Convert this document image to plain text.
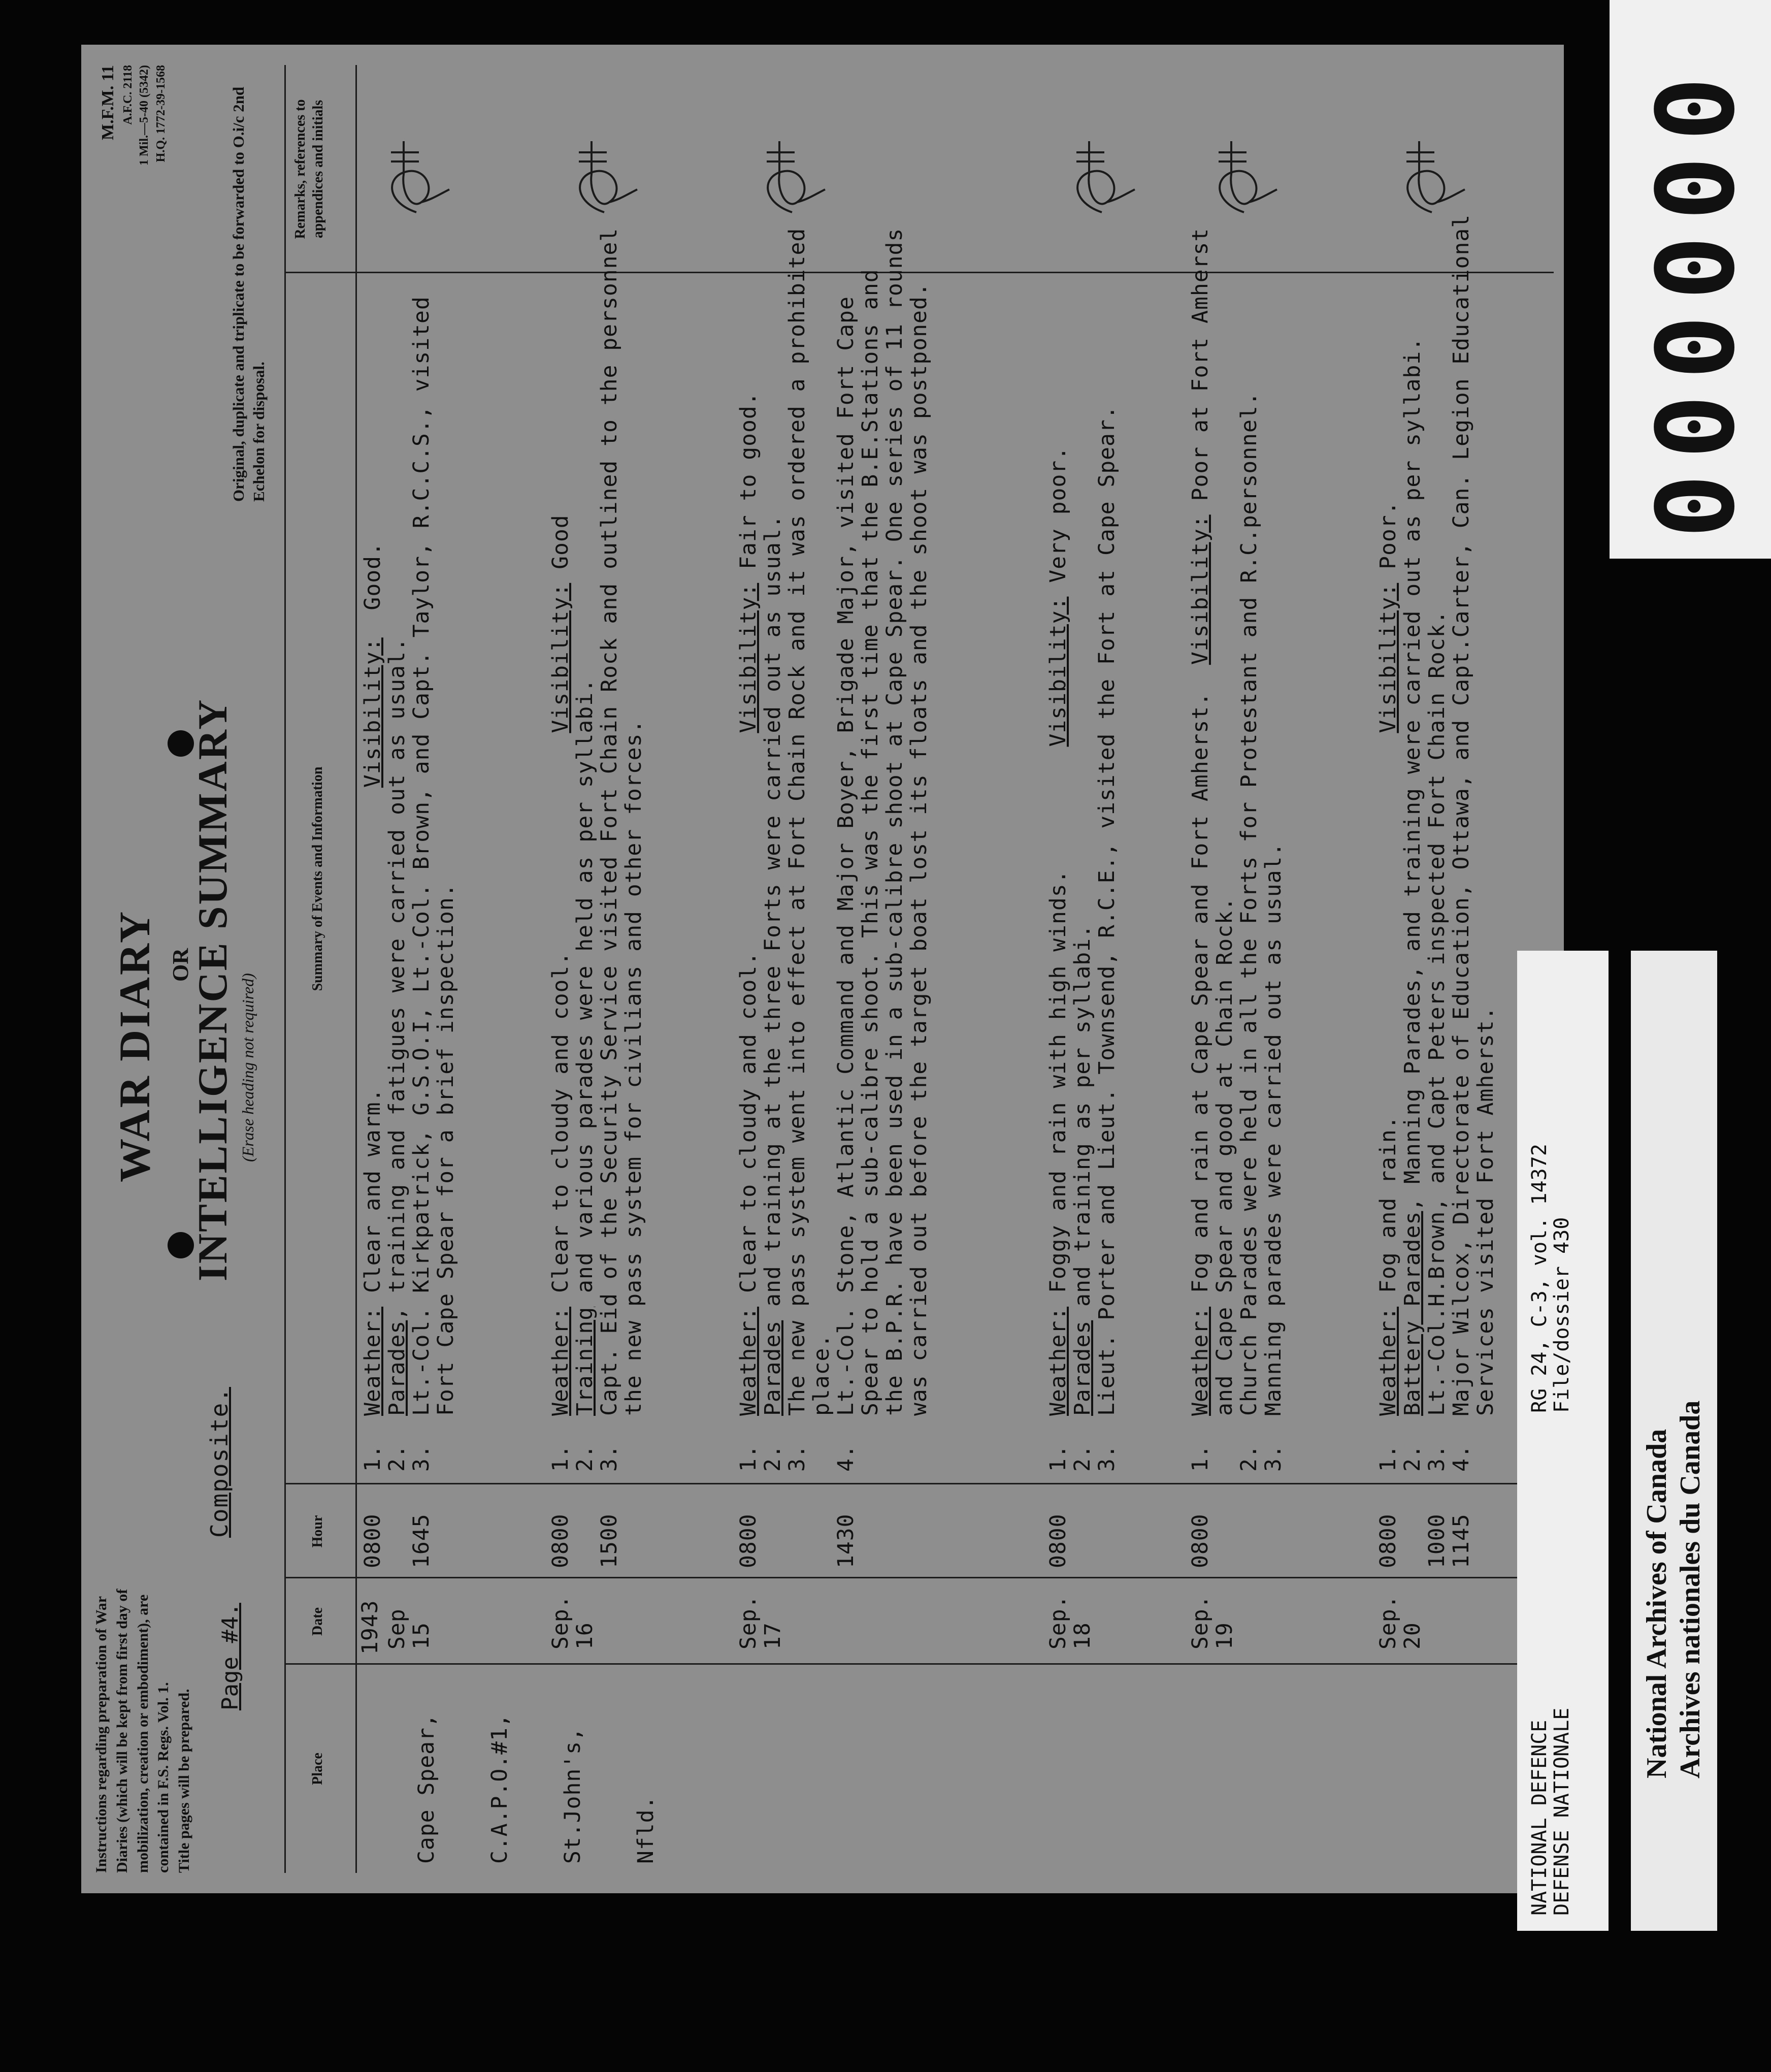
Instructions regarding preparation of War Diaries (which will be kept from first day of mobilization, creation or embodiment), are contained in F.S. Regs. Vol. 1. Title pages will be prepared.
Page #4.
Composite.
WAR DIARY OR
INTELLIGENCE SUMMARY (Erase heading not required)
Original, duplicate and triplicate to be forwarded to O.i/c 2nd Echelon for disposal.
M.F.M. 11 A.F.C. 2118 1 Mil.—5-40 (5342) H.Q. 1772-39-1568
Place
Date
Hour
Summary of Events and Information
Remarks, references to appendices and initials

Cape Spear,

C.A.P.O.#1,

St.John's,

Nfld.

1943 Sep
15
0800 1645
1.Weather: Clear and warm.                      Visibility:  Good.
2.Parades, training and fatigues were carried out as usual.
3.Lt.-Col. Kirkpatrick, G.S.O.I, Lt.-Col. Brown, and Capt. Taylor, R.C.C.S., visited
Fort Cape Spear for a brief inspection.
Sep.
16
0800 1500
1.Weather: Clear to cloudy and cool.                Visibility: Good
2.Training and various parades were held as per syllabi.
3.Capt. Eid of the Security Service visited Fort Chain Rock and outlined to the personnel
the new pass system for civilians and other forces.
Sep.
17
0800	1430
1.Weather: Clear to cloudy and cool.                Visibility: Fair to good.
2.Parades and training at the three Forts were carried out as usual.
3.The new pass system went into effect at Fort Chain Rock and it was ordered a prohibited
place.
4.Lt.-Col. Stone, Atlantic Command and Major Boyer, Brigade Major, visited Fort Cape
Spear to hold a sub-calibre shoot. This was the first time that the B.E.Stations and
the B.P.R. have been used in a sub-calibre shoot at Cape Spear. One series of 11 rounds
was carried out before the target boat lost its floats and the shoot was postponed.
Sep.
18
0800
1.Weather: Foggy and rain with high winds.         Visibility: Very poor.
2.Parades and training as per syllabi.
3.Lieut. Porter and Lieut. Townsend, R.C.E., visited the Fort at Cape Spear.
Sep.
19
0800
1.Weather: Fog and rain at Cape Spear and Fort Amherst.  Visibility: Poor at Fort Amherst
and Cape Spear and good at Chain Rock.
2.Church Parades were held in all the Forts for Protestant and R.C.personnel.
3.Manning parades were carried out as usual.
Sep.
20
0800 1000
1145
1.Weather: Fog and rain.                            Visibility: Poor.
2.Battery Parades, Manning Parades, and training were carried out as per syllabi.
3.Lt.-Col.H.Brown, and Capt Peters inspected Fort Chain Rock.
4.Major Wilcox, Directorate of Education, Ottawa, and Capt.Carter, Can. Legion Educational
Services visited Fort Amherst.
000000
NATIONAL DEFENCE
DEFENSE NATIONALE
RG 24, C-3, vol. 14372
File/dossier 430
National Archives of Canada Archives nationales du Canada
